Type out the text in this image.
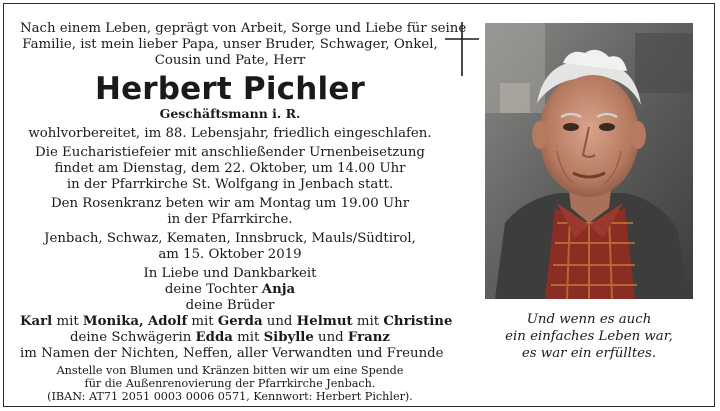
Nach einem Leben, geprägt von Arbeit, Sorge und Liebe für seine
Familie, ist mein lieber Papa, unser Bruder, Schwager, Onkel,
Cousin und Pate, Herr
Herbert Pichler
Geschäftsmann i. R.
wohlvorbereitet, im 88. Lebensjahr, friedlich eingeschlafen.
Die Eucharistiefeier mit anschließender Urnenbeisetzung
findet am Dienstag, dem 22. Oktober, um 14.00 Uhr
in der Pfarrkirche St. Wolfgang in Jenbach statt.
Den Rosenkranz beten wir am Montag um 19.00 Uhr
in der Pfarrkirche.
Jenbach, Schwaz, Kematen, Innsbruck, Mauls/Südtirol,
am 15. Oktober 2019
In Liebe und Dankbarkeit
deine Tochter Anja
deine Brüder
Karl mit Monika, Adolf mit Gerda und Helmut mit Christine
deine Schwägerin Edda mit Sibylle und Franz
im Namen der Nichten, Neffen, aller Verwandten und Freunde
Anstelle von Blumen und Kränzen bitten wir um eine Spende
für die Außenrenovierung der Pfarrkirche Jenbach.
(IBAN: AT71 2051 0003 0006 0571, Kennwort: Herbert Pichler).
Und wenn es auch
ein einfaches Leben war,
es war ein erfülltes.
